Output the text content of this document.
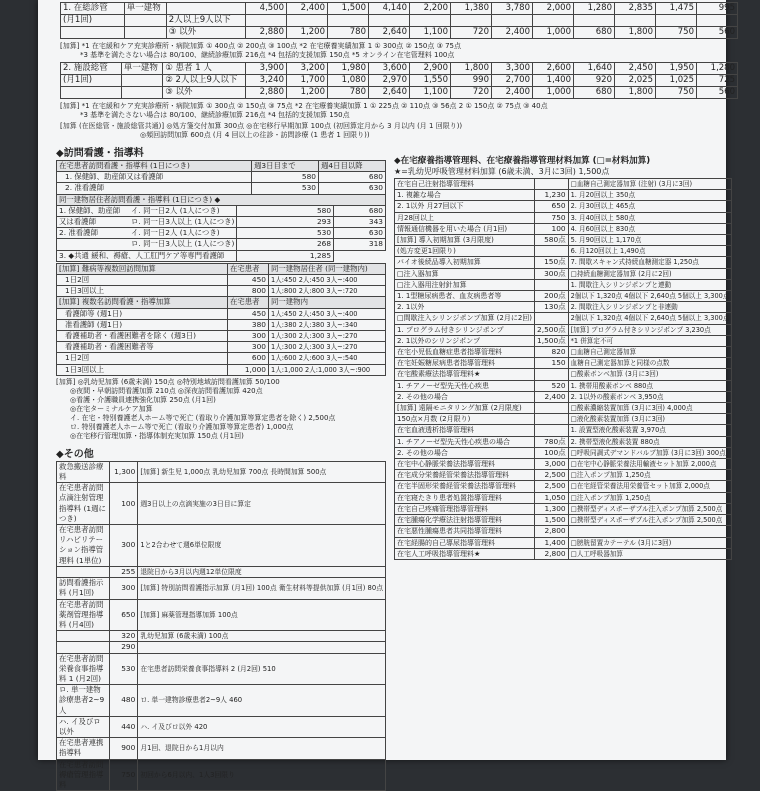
1. 在総診管	単一建物		4,500	2,400	1,500	4,140	2,200	1,380	3,780	2,000	1,280	2,835	1,475	995
(月1回)		2人以上9人以下												
		③ 以外	2,880	1,200	780	2,640	1,100	720	2,400	1,000	680	1,800	750	560
[加算] *1 在宅緩和ケア充実診療所・病院加算 ① 400点 ② 200点 ③ 100点 *2 在宅療養実績加算 1 ① 300点 ② 150点 ③ 75点
*3 基準を満たさない場合は 80/100、継続診療加算 216点 *4 包括的支援加算 150点 *5 オンライン在宅管理料 100点
2. 施設総管	単一建物	① 患者 1 人	3,900	3,200	1,980	3,600	2,900	1,800	3,300	2,600	1,640	2,450	1,950	1,280
(月1回)		② 2人以上9人以下	3,240	1,700	1,080	2,970	1,550	990	2,700	1,400	920	2,025	1,025	725
		③ 以外	2,880	1,200	780	2,640	1,100	720	2,400	1,000	680	1,800	750	560
[加算] *1 在宅緩和ケア充実診療所・病院加算 ① 300点 ② 150点 ③ 75点 *2 在宅療養実績加算 1 ① 225点 ② 110点 ③ 56点 2 ① 150点 ② 75点 ③ 40点
*3 基準を満たさない場合は 80/100、継続診療加算 216点 *4 包括的支援加算 150点
[加算 (在医総管・施設総管共通)] ◎処方箋交付加算 300点 ◎在宅移行早期加算 100点 (初回算定月から 3 月以内 (月 1 回限り))
◎頻回訪問加算 600点 (月 4 回以上の往診・訪問診療 (1 患者 1 回限り))
◆訪問看護・指導料
在宅患者訪問看護・指導料 (1日につき)	週3日目まで	週4日目以降
1. 保健師、助産師又は看護師	580	680
2. 准看護師	530	630
同一建物居住者訪問看護・指導料 (1日につき) ◆		
1. 保健師、助産師 イ. 同一日2人 (1人につき)	580	680
又は看護師 ロ. 同一日3人以上 (1人につき)	293	343
2. 准看護師 イ. 同一日2人 (1人につき)	530	630
ロ. 同一日3人以上 (1人につき)	268	318
3. ◆共通 緩和、褥瘡、人工肛門ケア等専門看護師	1,285	
[加算] 難病等複数回訪問加算	在宅患者	同一建物居住者 (同一建物内)
1日2回	450	1人:450 2人:450 3人~:400
1日3回以上	800	1人:800 2人:800 3人~:720
[加算] 複数名訪問看護・指導加算	在宅患者	同一建物内
看護師等 (週1日)	450	1人:450 2人:450 3人~:400
准看護師 (週1日)	380	1人:380 2人:380 3人~:340
看護補助者・看護困難者を除く (週3日)	300	1人:300 2人:300 3人~:270
看護補助者・看護困難者等	300	1人:300 2人:300 3人~:270
1日2回	600	1人:600 2人:600 3人~:540
1日3回以上	1,000	1人:1,000 2人:1,000 3人~:900
[加算] ◎乳幼児加算 (6歳未満) 150点 ◎特別地域訪問看護加算 50/100
◎夜間・早朝訪問看護加算 210点 ◎深夜訪問看護加算 420点
◎看護・介護職員連携強化加算 250点 (月1回)
◎在宅ターミナルケア加算
イ. 在宅・特別養護老人ホーム等で死亡 (看取り介護加算等算定患者を除く) 2,500点
ロ. 特別養護老人ホーム等で死亡 (看取り介護加算等算定患者) 1,000点
◎在宅移行管理加算・指導体制充実加算 150点 (月1回)
◆その他
救急搬送診療料	1,300	[加算] 新生児 1,000点 乳幼児加算 700点 長時間加算 500点
在宅患者訪問点滴注射管理指導料 (1週につき)	100	週3日以上の点滴実施の3日目に算定
在宅患者訪問リハビリテーション指導管理料 (1単位)	300	1と2合わせて週6単位限度
	255	退院日から3月以内週12単位限度
訪問看護指示料 (月1回)	300	[加算] 特別訪問看護指示加算 (月1回) 100点 衛生材料等提供加算 (月1回) 80点
在宅患者訪問薬剤管理指導料 (月4回)	650	[加算] 麻薬管理指導加算 100点
	320	乳幼児加算 (6歳未満) 100点
	290	
在宅患者訪問栄養食事指導料 1 (月2回)	530	在宅患者訪問栄養食事指導料 2 (月2回) 510
ロ. 単一建物診療患者2~9人	480	ロ. 単一建物診療患者2~9人 460
ハ. イ及びロ以外	440	ハ. イ及びロ以外 420
在宅患者連携指導料	900	月1回、退院日から1月以内
在宅患者訪問褥瘡管理指導料	750	初回から6月以内、1人3回限り
◆在宅療養指導管理料、在宅療養指導管理材料加算 (□=材料加算)
★=乳幼児呼吸管理材料加算 (6歳未満、3月に3回) 1,500点
在宅自己注射指導管理料		□血糖自己測定器加算 (注射) (3月に3回)
1. 複雑な場合	1,230	1. 月20回以上 350点
2. 1以外 月27回以下	650	2. 月30回以上 465点
月28回以上	750	3. 月40回以上 580点
情報通信機器を用いた場合 (月1回)	100	4. 月60回以上 830点
[加算] 導入初期加算 (3月限度)	580点	5. 月90回以上 1,170点
(処方変更1回限り)		6. 月120回以上 1,490点
バイオ後続品導入初期加算	150点	7. 間歇スキャン式持続血糖測定器 1,250点
□注入器加算	300点	□持続血糖測定器加算 (2月に2回)
□注入器用注射針加算		1. 間歇注入シリンジポンプと連動
1. 1型糖尿病患者、血友病患者等	200点	2個以下 1,320点 4個以下 2,640点 5個以上 3,300点
2. 1以外	130点	2. 間歇注入シリンジポンプと非連動
□間歇注入シリンジポンプ加算 (2月に2回)		2個以下 1,320点 4個以下 2,640点 5個以上 3,300点
1. プログラム付きシリンジポンプ	2,500点	[加算] プログラム付きシリンジポンプ 3,230点
2. 1以外のシリンジポンプ	1,500点	*1 併算定不可
在宅小児低血糖症患者指導管理料	820	□血糖自己測定器加算
在宅妊娠糖尿病患者指導管理料	150	血糖自己測定器加算と同様の点数
在宅酸素療法指導管理料★		□酸素ボンベ加算 (3月に3回)
1. チアノーゼ型先天性心疾患	520	1. 携帯用酸素ボンベ 880点
2. その他の場合	2,400	2. 1以外の酸素ボンベ 3,950点
[加算] 遠隔モニタリング加算 (2月限度)		□酸素濃縮装置加算 (3月に3回) 4,000点
150点×月数 (2月限り)		□液化酸素装置加算 (3月に3回)
在宅血液透析指導管理料		1. 設置型液化酸素装置 3,970点
1. チアノーゼ型先天性心疾患の場合	780点	2. 携帯型液化酸素装置 880点
2. その他の場合	100点	□呼吸同調式デマンドバルブ加算 (3月に3回) 300点
在宅中心静脈栄養法指導管理料	3,000	□在宅中心静脈栄養法用輸液セット加算 2,000点
在宅成分栄養経管栄養法指導管理料	2,500	□注入ポンプ加算 1,250点
在宅半固形栄養経管栄養法指導管理料	2,500	□在宅経管栄養法用栄養管セット加算 2,000点
在宅寝たきり患者処置指導管理料	1,050	□注入ポンプ加算 1,250点
在宅自己疼痛管理指導管理料	1,300	□携帯型ディスポーザブル注入ポンプ加算 2,500点
在宅腫瘍化学療法注射指導管理料	1,500	□携帯型ディスポーザブル注入ポンプ加算 2,500点
在宅悪性腫瘍患者共同指導管理料	2,800	
在宅経腸的自己導尿指導管理料	1,400	□膀胱留置カテーテル (3月に3回)
在宅人工呼吸指導管理料★	2,800	□人工呼吸器加算
